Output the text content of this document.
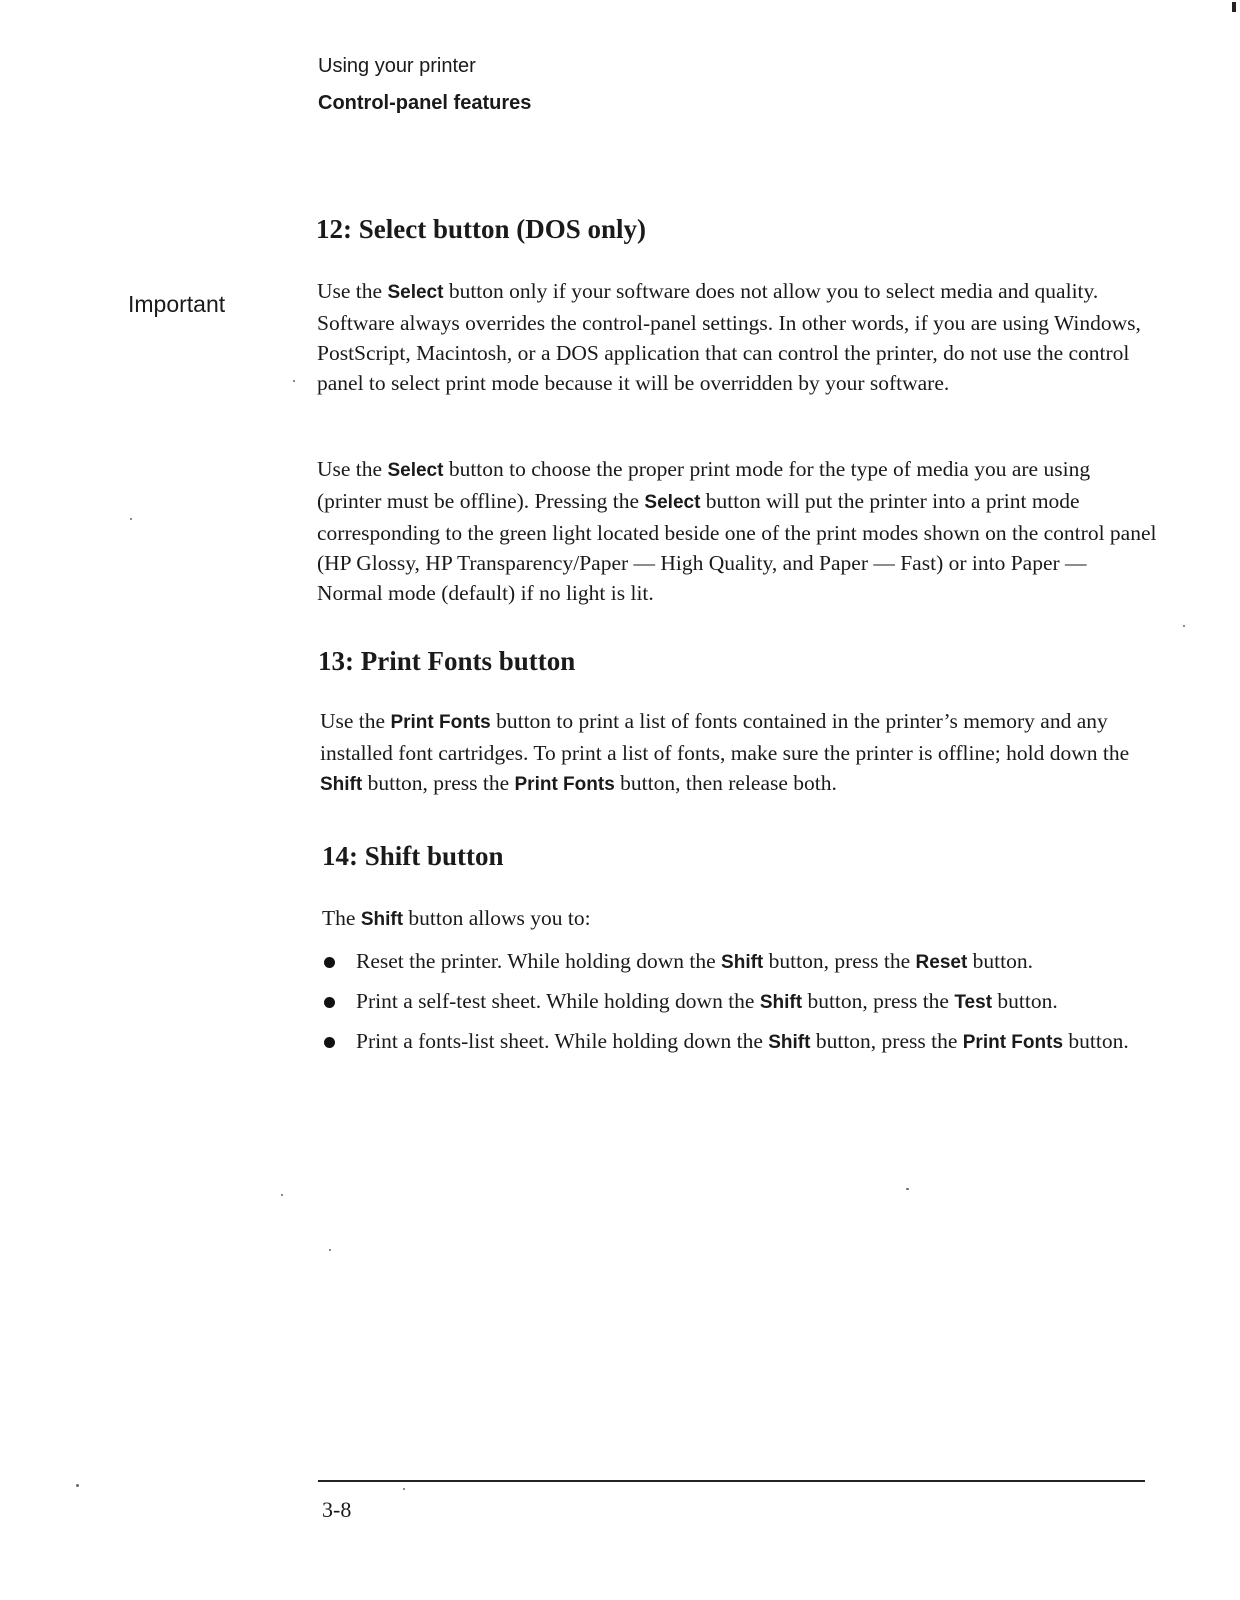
Using your printer
Control-panel features
Important
12: Select button (DOS only)

Use the Select button only if your software does not allow you to select media and quality. Software always overrides the control-panel settings. In other words, if you are using Windows, PostScript, Macintosh, or a DOS application that can control the printer, do not use the control panel to select print mode because it will be overridden by your software.

Use the Select button to choose the proper print mode for the type of media you are using (printer must be offline). Pressing the Select button will put the printer into a print mode corresponding to the green light located beside one of the print modes shown on the control panel (HP Glossy, HP Transparency/Paper — High Quality, and Paper — Fast) or into Paper — Normal mode (default) if no light is lit.

13: Print Fonts button

Use the Print Fonts button to print a list of fonts contained in the printer’s memory and any installed font cartridges. To print a list of fonts, make sure the printer is offline; hold down the Shift button, press the Print Fonts button, then release both.

14: Shift button

The Shift button allows you to:

Reset the printer. While holding down the Shift button, press the Reset button.
Print a self-test sheet. While holding down the Shift button, press the Test button.
Print a fonts-list sheet. While holding down the Shift button, press the Print Fonts button.
3-8
